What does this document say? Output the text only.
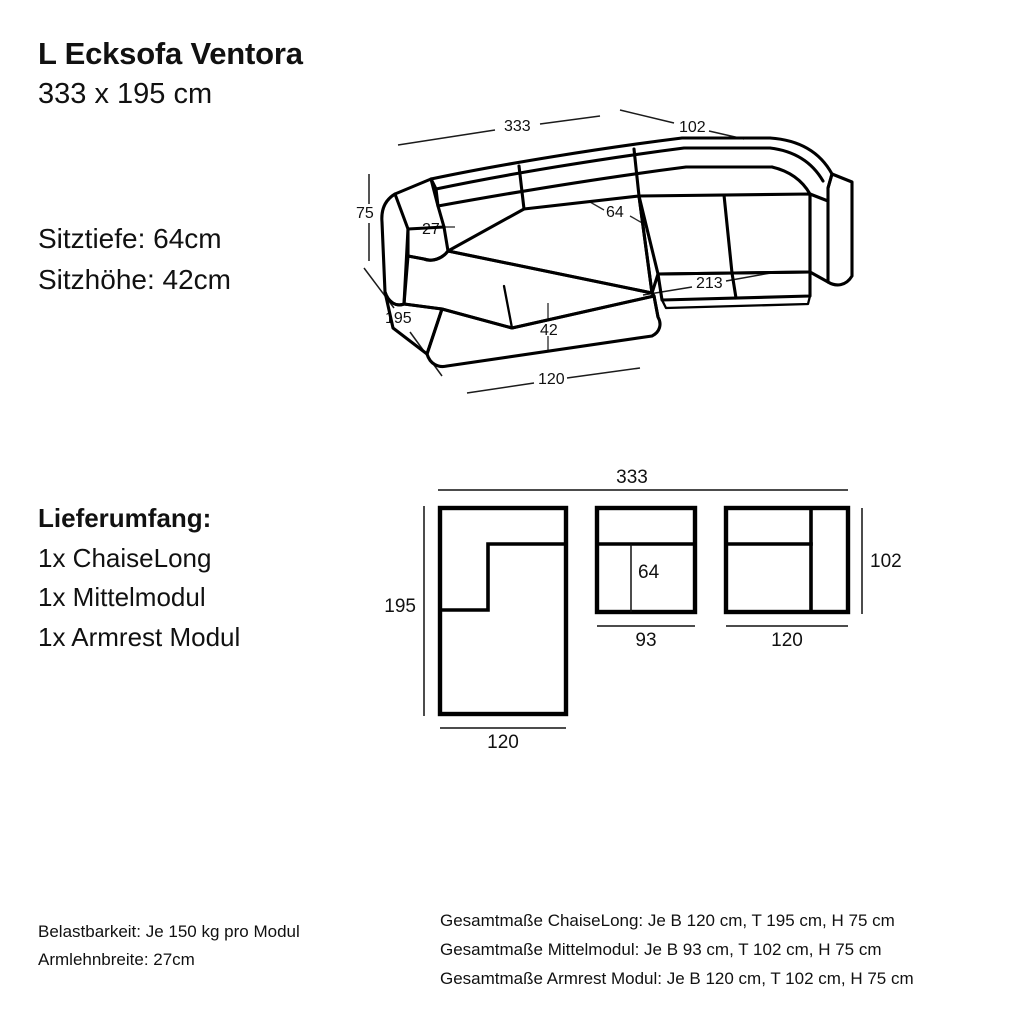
L Ecksofa Ventora
333 x 195 cm
Sitztiefe: 64cm
Sitzhöhe: 42cm
Lieferumfang:
1x ChaiseLong
1x Mittelmodul
1x Armrest Modul
Belastbarkeit: Je 150 kg pro Modul
Armlehnbreite: 27cm
Gesamtmaße ChaiseLong: Je B 120 cm, T 195 cm, H 75 cm
Gesamtmaße Mittelmodul: Je B 93 cm, T 102 cm, H 75 cm
Gesamtmaße Armrest Modul: Je B 120 cm, T 102 cm, H 75 cm
333	102
75
195
120
213
42
64
27
333
195
102
120
64
93	120
